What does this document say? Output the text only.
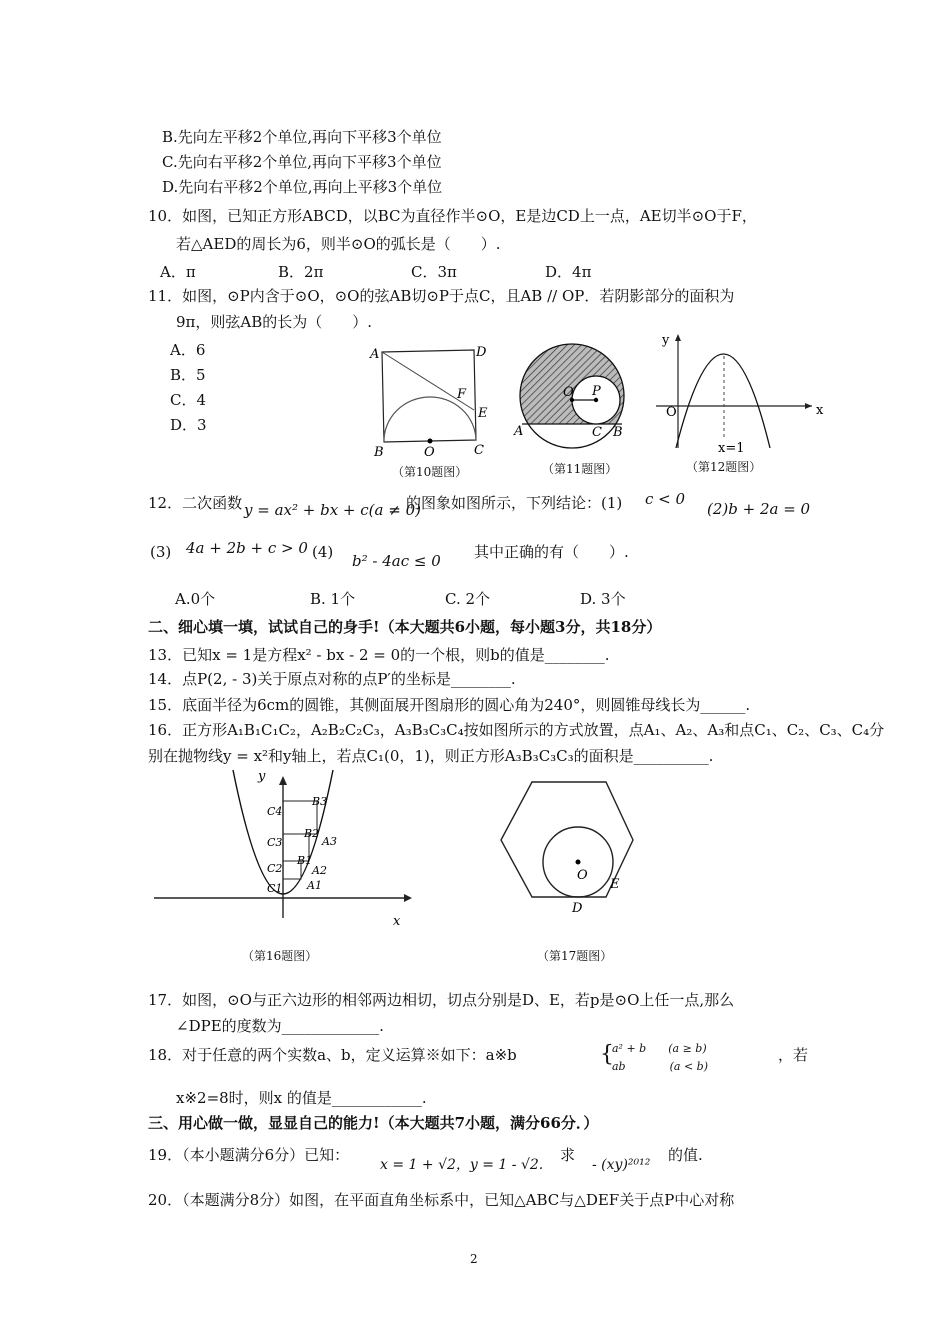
B.先向左平移2个单位,再向下平移3个单位
C.先向右平移2个单位,再向下平移3个单位
D.先向右平移2个单位,再向上平移3个单位
10．如图，已知正方形ABCD，以BC为直径作半⊙O，E是边CD上一点，AE切半⊙O于F，
若△AED的周长为6，则半⊙O的弧长是（　　）.
A．π	B．2π	C．3π	D．4π
11．如图，⊙P内含于⊙O，⊙O的弦AB切⊙P于点C，且AB // OP．若阴影部分的面积为
9π，则弦AB的长为（　　）.
A．6
B．5
C．4
D．3
A	D
F
E
B	O	C
（第10题图）
O P
A	C B
（第11题图）
y
O	x
x=1
（第12题图）
12．二次函数 y = ax² + bx + c(a ≠ 0)
的图象如图所示，下列结论：(1) c < 0
(2)b + 2a = 0
(3) 4a + 2b + c > 0 (4) b² - 4ac ≤ 0 其中正确的有（　　）.
A.0个	B. 1个	C. 2个	D. 3个
二、细心填一填，试试自己的身手!（本大题共6小题，每小题3分，共18分）
13．已知x = 1是方程x² - bx - 2 = 0的一个根，则b的值是________.
14．点P(2, - 3)关于原点对称的点P′的坐标是________.
15．底面半径为6cm的圆锥，其侧面展开图扇形的圆心角为240°，则圆锥母线长为______.
16．正方形A₁B₁C₁C₂，A₂B₂C₂C₃，A₃B₃C₃C₄按如图所示的方式放置，点A₁、A₂、A₃和点C₁、C₂、C₃、C₄分
别在抛物线y = x²和y轴上，若点C₁(0，1)，则正方形A₃B₃C₃C₃的面积是__________.
y
C4
B3
C3
B2
A3
C2
B1
A2
C1 A1
x
（第16题图）
O
E
D
（第17题图）
17．如图，⊙O与正六边形的相邻两边相切，切点分别是D、E，若p是⊙O上任一点,那么
∠DPE的度数为_____________.
18．对于任意的两个实数a、b，定义运算※如下：a※b	{
a² + b　　(a ≥ b)
ab　　　　(a < b)
，若
x※2=8时，则x 的值是____________.
三、用心做一做，显显自己的能力!（本大题共7小题，满分66分．）
19．（本小题满分6分）已知：
x = 1 + √2，y = 1 - √2.
求
- (xy)²⁰¹²
的值.
20．（本题满分8分）如图，在平面直角坐标系中，已知△ABC与△DEF关于点P中心对称
2
